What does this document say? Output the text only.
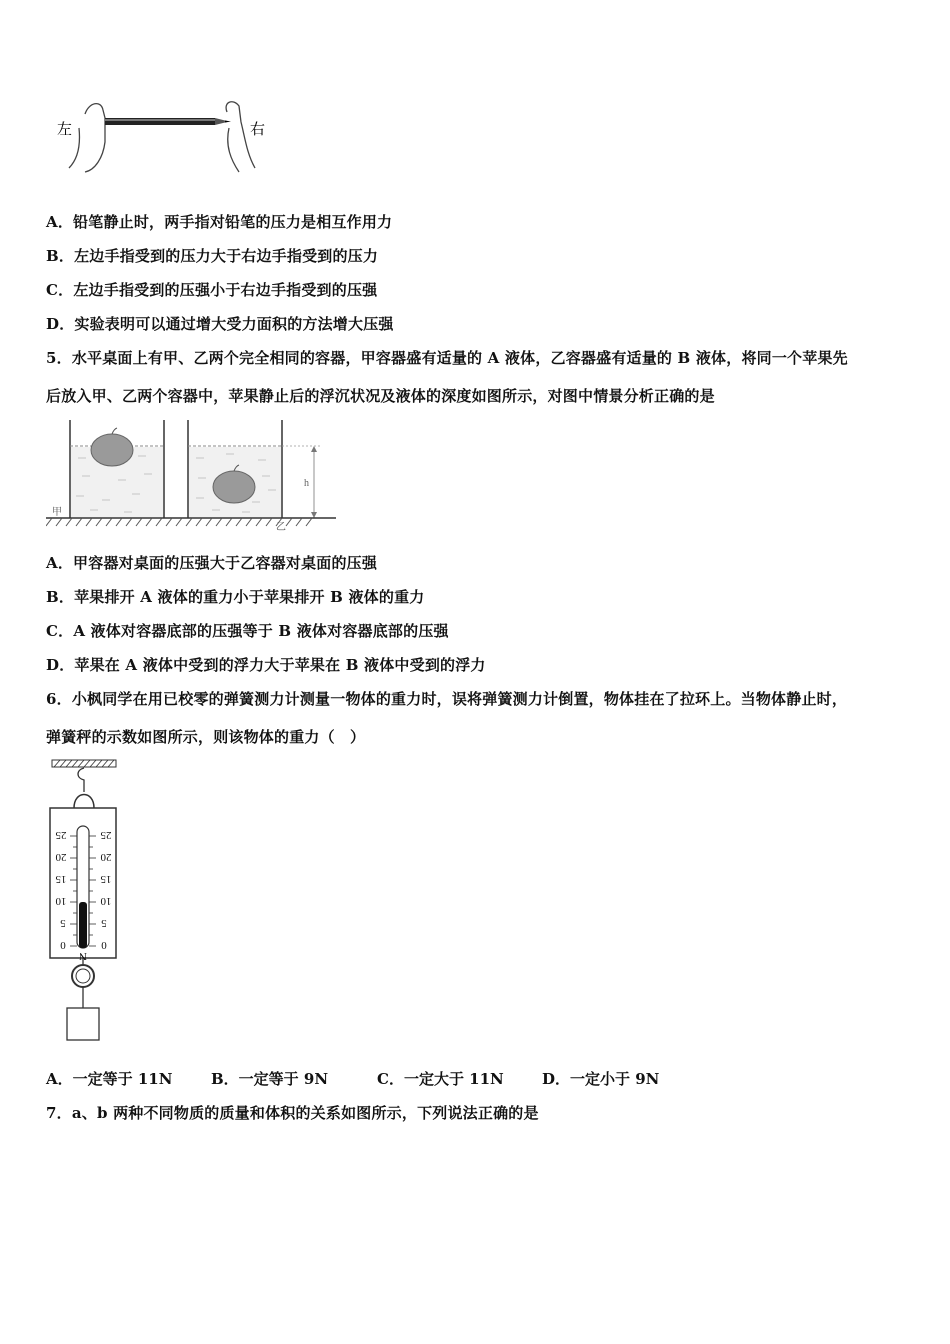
左	右
A．铅笔静止时，两手指对铅笔的压力是相互作用力
B．左边手指受到的压力大于右边手指受到的压力
C．左边手指受到的压强小于右边手指受到的压强
D．实验表明可以通过增大受力面积的方法增大压强
5．水平桌面上有甲、乙两个完全相同的容器，甲容器盛有适量的 A 液体，乙容器盛有适量的 B 液体，将同一个苹果先
后放入甲、乙两个容器中，苹果静止后的浮沉状况及液体的深度如图所示，对图中情景分析正确的是
h
甲
乙
A．甲容器对桌面的压强大于乙容器对桌面的压强
B．苹果排开 A 液体的重力小于苹果排开 B 液体的重力
C．A 液体对容器底部的压强等于 B 液体对容器底部的压强
D．苹果在 A 液体中受到的浮力大于苹果在 B 液体中受到的浮力
6．小枫同学在用已校零的弹簧测力计测量一物体的重力时，误将弹簧测力计倒置，物体挂在了拉环上。当物体静止时，
弹簧秤的示数如图所示，则该物体的重力（　）
25
20
15
10
5
0
25
20
15
10
5
0
N
A．一定等于 11N	B．一定等于 9N	C．一定大于 11N	D．一定小于 9N
7．a、b 两种不同物质的质量和体积的关系如图所示，下列说法正确的是
